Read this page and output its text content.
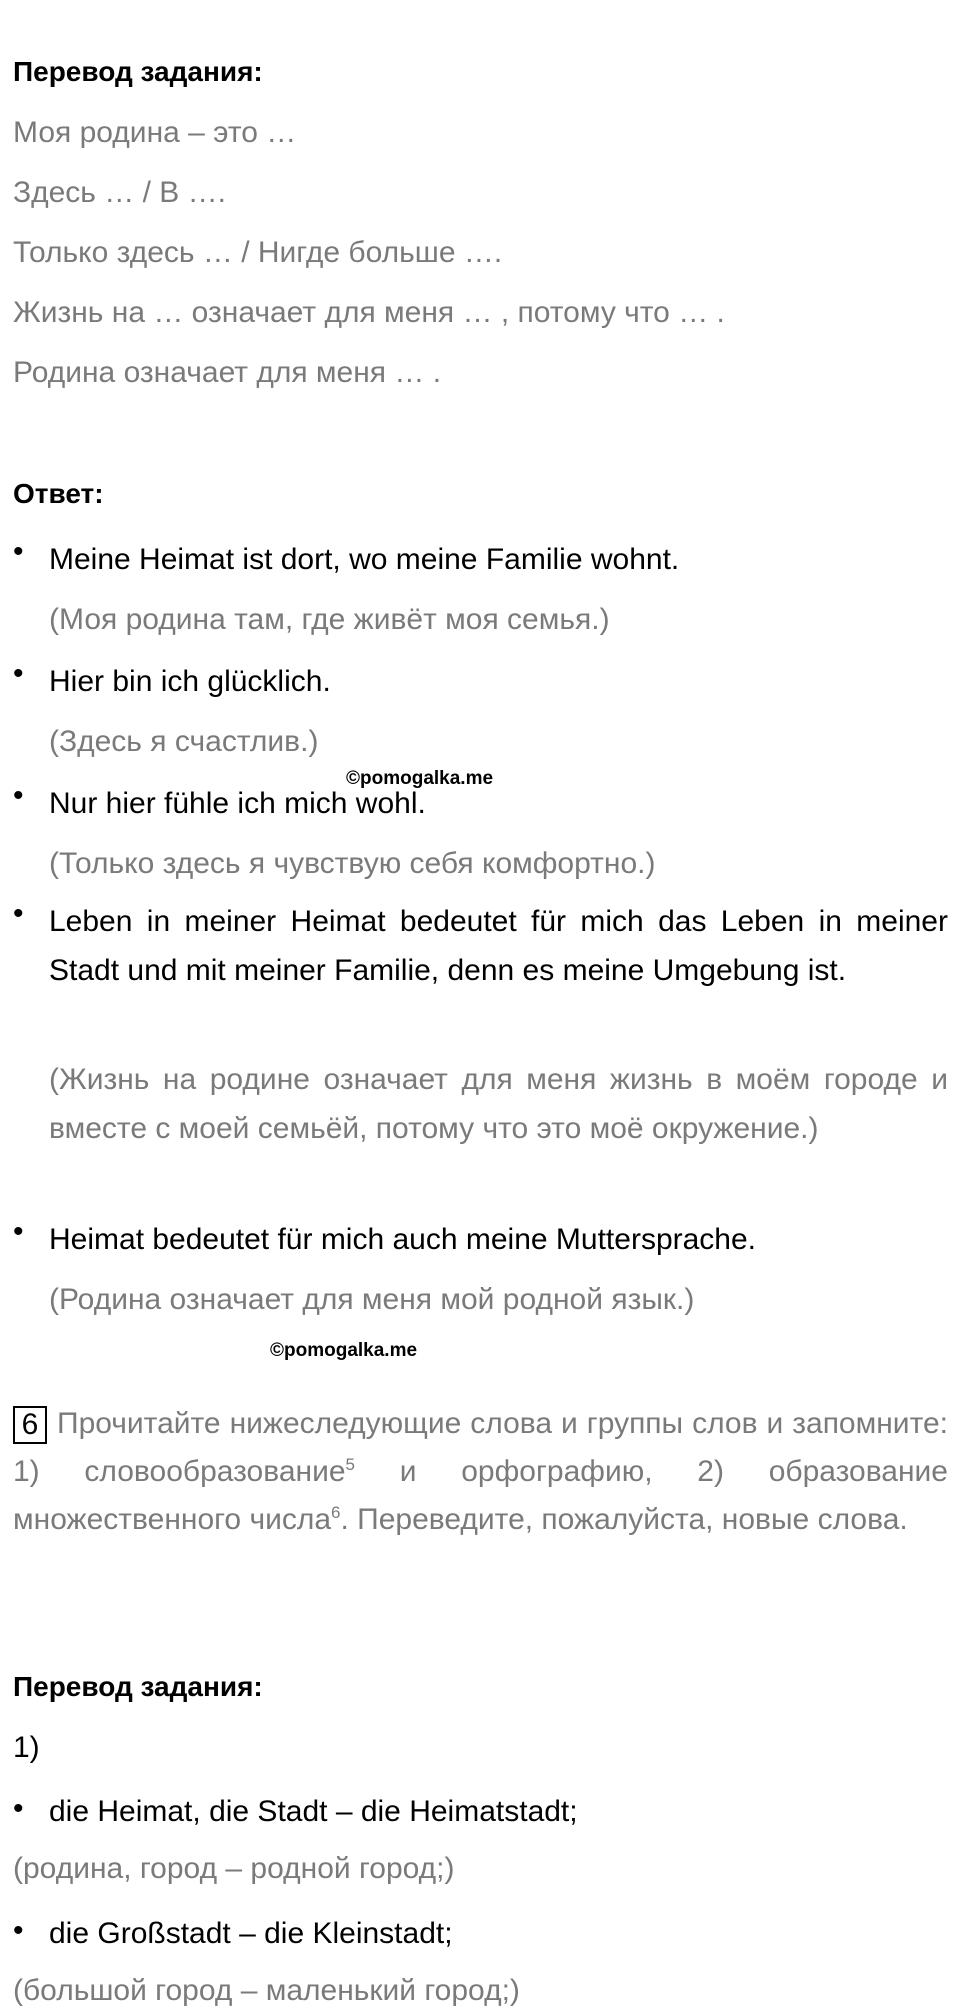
Перевод задания:
Моя родина – это …
Здесь … / В ….
Только здесь … / Нигде больше ….
Жизнь на … означает для меня … , потому что … .
Родина означает для меня … .
Ответ:
•
Meine Heimat ist dort, wo meine Familie wohnt.
(Моя родина там, где живёт моя семья.)
•
Hier bin ich glücklich.
(Здесь я счастлив.)
©pomogalka.me
•
Nur hier fühle ich mich wohl.
(Только здесь я чувствую себя комфортно.)
•
Leben in meiner Heimat bedeutet für mich das Leben in meiner Stadt und mit meiner Familie, denn es meine Umgebung ist.
(Жизнь на родине означает для меня жизнь в моём городе и вместе с моей семьёй, потому что это моё окружение.)
•
Heimat bedeutet für mich auch meine Muttersprache.
(Родина означает для меня мой родной язык.)
©pomogalka.me
6 Прочитайте нижеследующие слова и группы слов и запомните: 1) словообразование$^5$ и орфографию, 2) образование множественного числа$^6$. Переведите, пожалуйста, новые слова.
Перевод задания:
1)
•
die Heimat, die Stadt – die Heimatstadt;
(родина, город – родной город;)
•
die Großstadt – die Kleinstadt;
(большой город – маленький город;)
